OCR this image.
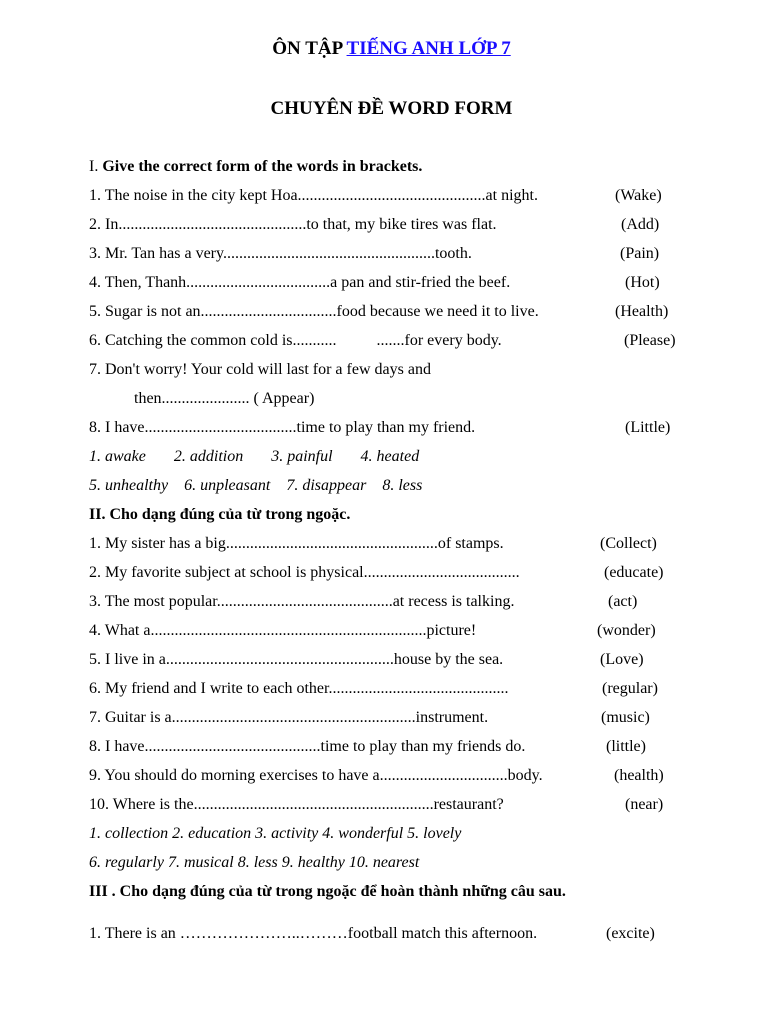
ÔN TẬP TIẾNG ANH LỚP 7
CHUYÊN ĐỀ WORD FORM
I. Give the correct form of the words in brackets.
1. The noise in the city kept Hoa...............................................at night.	(Wake)
2. In...............................................to that, my bike tires was flat.	(Add)
3. Mr. Tan has a very.....................................................tooth.	(Pain)
4. Then, Thanh....................................a pan and stir-fried the beef.	(Hot)
5. Sugar is not an..................................food because we need it to live.	(Health)
6. Catching the common cold is...........          .......for every body.	(Please)
7. Don't worry! Your cold will last for a few days and
then...................... ( Appear)
8. I have......................................time to play than my friend.	(Little)
1. awake       2. addition       3. painful       4. heated
5. unhealthy    6. unpleasant    7. disappear    8. less
II. Cho dạng đúng của từ trong ngoặc.
1. My sister has a big.....................................................of stamps.	(Collect)
2. My favorite subject at school is physical.......................................	(educate)
3. The most popular............................................at recess is talking.	(act)
4. What a.....................................................................picture!	(wonder)
5. I live in a.........................................................house by the sea.	(Love)
6. My friend and I write to each other.............................................	(regular)
7. Guitar is a.............................................................instrument.	(music)
8. I have............................................time to play than my friends do.	(little)
9. You should do morning exercises to have a................................body.	(health)
10. Where is the............................................................restaurant?	(near)
1. collection 2. education 3. activity 4. wonderful 5. lovely
6. regularly 7. musical 8. less 9. healthy 10. nearest
III . Cho dạng đúng của từ trong ngoặc để hoàn thành những câu sau.
1. There is an …………………..………football match this afternoon.	(excite)
